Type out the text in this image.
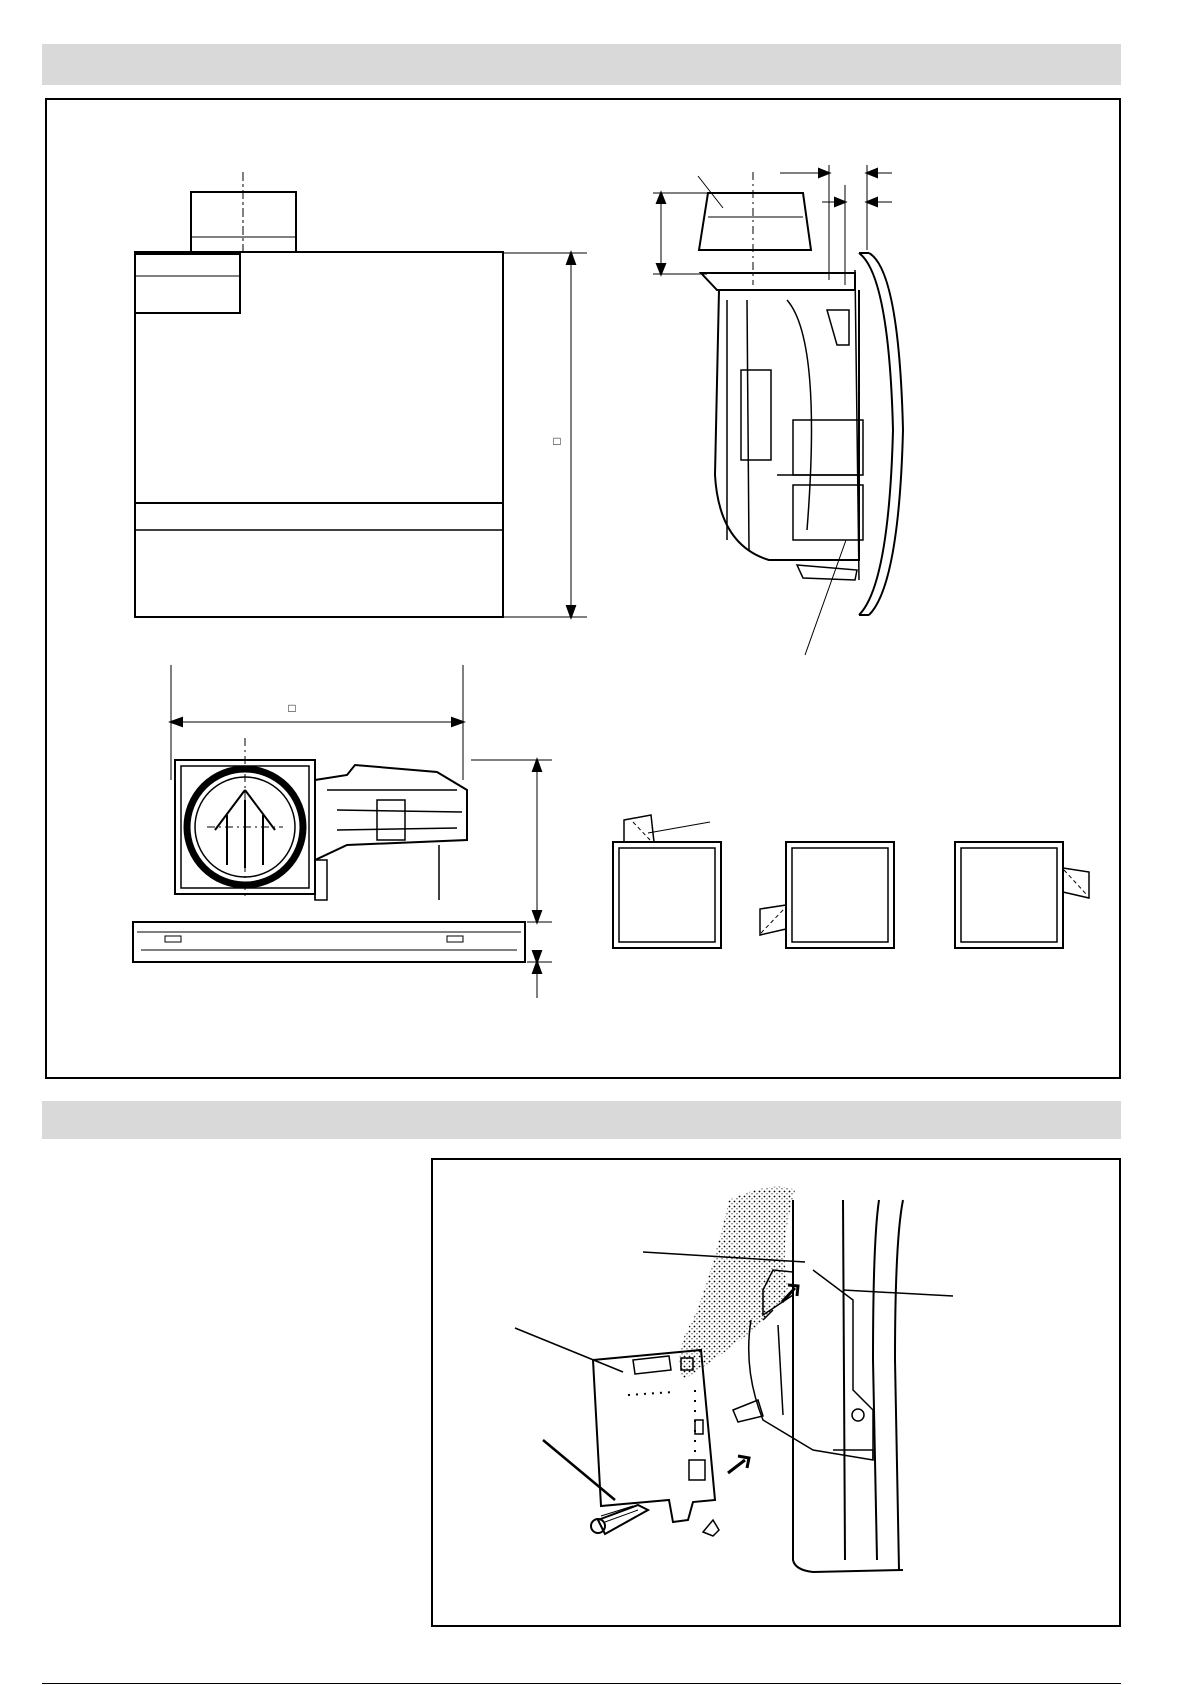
□
□
